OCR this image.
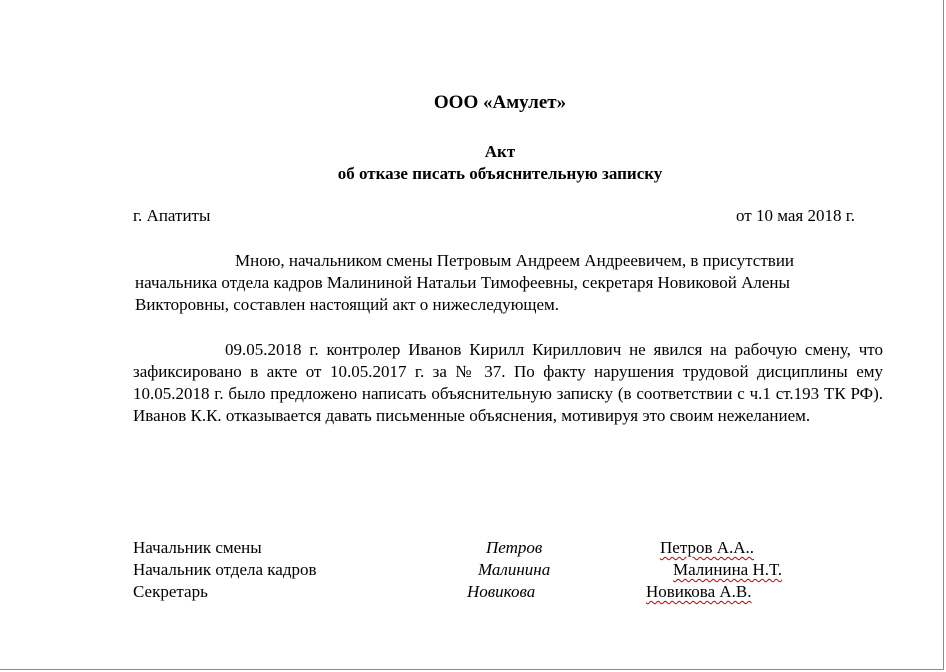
ООО «Амулет»
Акт
об отказе писать объяснительную записку
г. Апатиты	от 10 мая 2018 г.
Мною, начальником смены Петровым Андреем Андреевичем, в присутствии
начальника отдела кадров Малининой Натальи Тимофеевны, секретаря Новиковой Алены
Викторовны, составлен настоящий акт о нижеследующем.
09.05.2018 г. контролер Иванов Кирилл Кириллович не явился на рабочую смену, что зафиксировано в акте от 10.05.2017 г. за № 37. По факту нарушения трудовой дисциплины ему 10.05.2018 г. было предложено написать объяснительную записку (в соответствии с ч.1 ст.193 ТК РФ). Иванов К.К. отказывается давать письменные объяснения, мотивируя это своим нежеланием.
Начальник смены	Петров	Петров А.А..
Начальник отдела кадров	Малинина	Малинина Н.Т.
Секретарь	Новикова	Новикова А.В.
